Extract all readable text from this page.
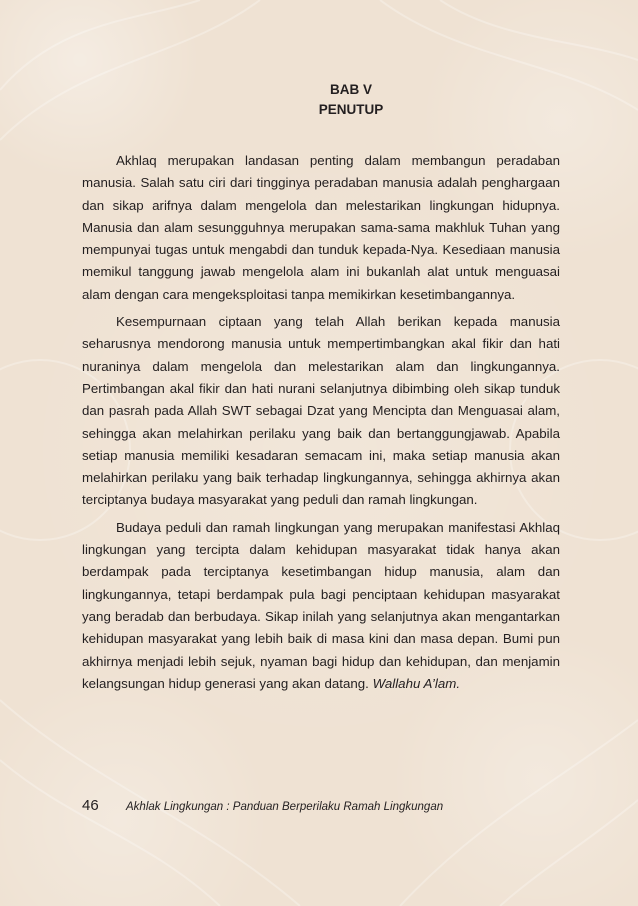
BAB V
PENUTUP

Akhlaq merupakan landasan penting dalam membangun peradaban manusia. Salah satu ciri dari tingginya peradaban manusia adalah penghargaan dan sikap arifnya dalam mengelola dan melestarikan lingkungan hidupnya. Manusia dan alam sesungguhnya merupakan sama-sama makhluk Tuhan yang mempunyai tugas untuk mengabdi dan tunduk kepada-Nya. Kesediaan manusia memikul tanggung jawab mengelola alam ini bukanlah alat untuk menguasai alam dengan cara mengeksploitasi tanpa memikirkan kesetimbangannya.

Kesempurnaan ciptaan yang telah Allah berikan kepada manusia seharusnya mendorong manusia untuk mempertimbangkan akal fikir dan hati nuraninya dalam mengelola dan melestarikan alam dan lingkungannya. Pertimbangan akal fikir dan hati nurani selanjutnya dibimbing oleh sikap tunduk dan pasrah pada Allah SWT sebagai Dzat yang Mencipta dan Menguasai alam, sehingga akan melahirkan perilaku yang baik dan bertanggungjawab. Apabila setiap manusia memiliki kesadaran semacam ini, maka setiap manusia akan melahirkan perilaku yang baik terhadap lingkungannya, sehingga akhirnya akan terciptanya budaya masyarakat yang peduli dan ramah lingkungan.

Budaya peduli dan ramah lingkungan yang merupakan manifestasi Akhlaq lingkungan yang tercipta dalam kehidupan masyarakat tidak hanya akan berdampak pada terciptanya kesetimbangan hidup manusia, alam dan lingkungannya, tetapi berdampak pula bagi penciptaan kehidupan masyarakat yang beradab dan berbudaya. Sikap inilah yang selanjutnya akan mengantarkan kehidupan masyarakat yang lebih baik di masa kini dan masa depan. Bumi pun akhirnya menjadi lebih sejuk, nyaman bagi hidup dan kehidupan, dan menjamin kelangsungan hidup generasi yang akan datang. Wallahu A’lam.

46	Akhlak Lingkungan : Panduan Berperilaku Ramah Lingkungan
